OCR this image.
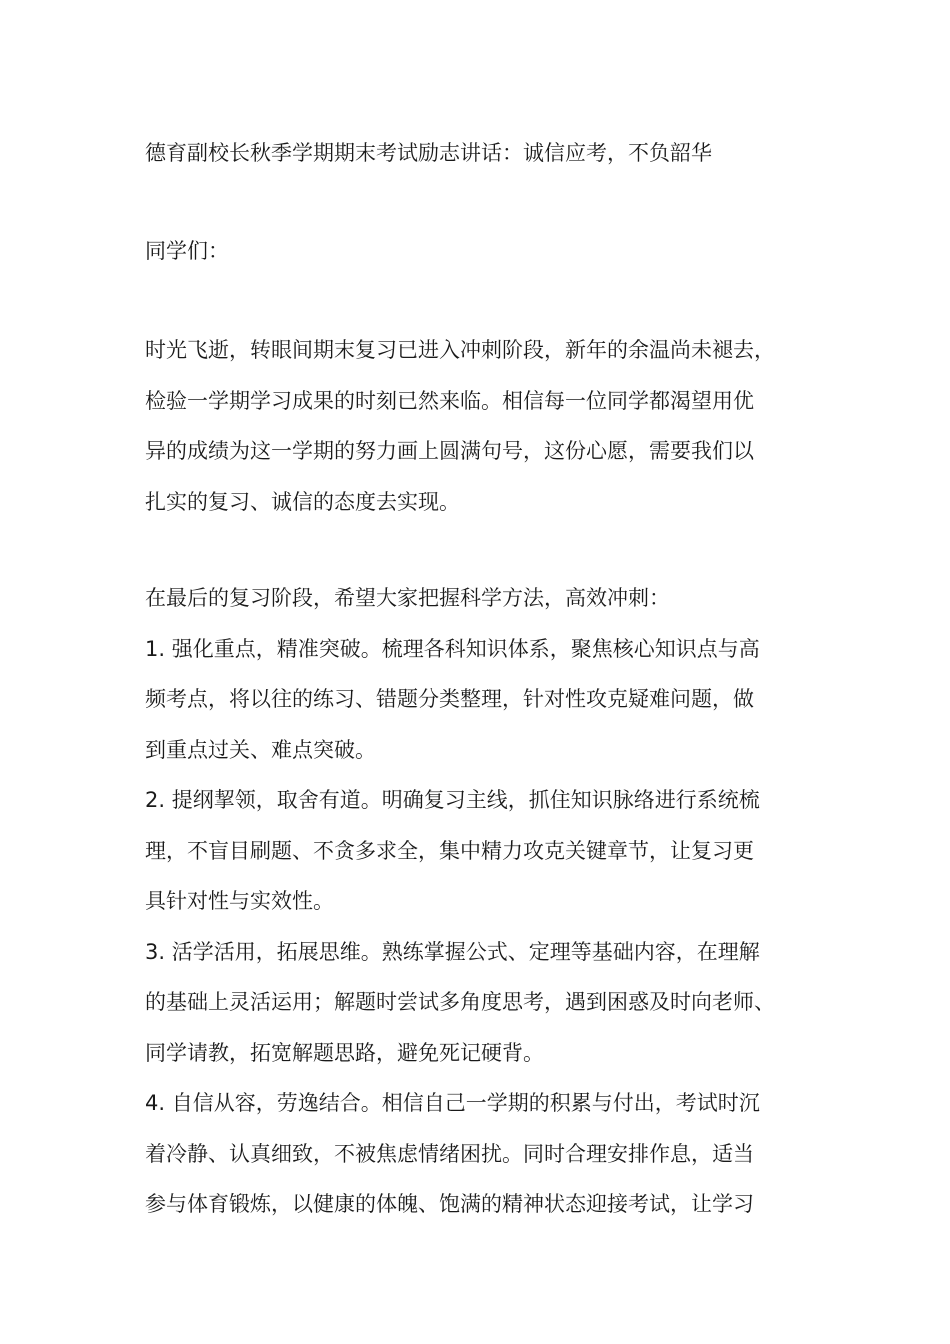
德育副校长秋季学期期末考试励志讲话：诚信应考，不负韶华
同学们：
时光飞逝，转眼间期末复习已进入冲刺阶段，新年的余温尚未褪去，
检验一学期学习成果的时刻已然来临。相信每一位同学都渴望用优
异的成绩为这一学期的努力画上圆满句号，这份心愿，需要我们以
扎实的复习、诚信的态度去实现。
在最后的复习阶段，希望大家把握科学方法，高效冲刺：
1. 强化重点，精准突破。梳理各科知识体系，聚焦核心知识点与高
频考点，将以往的练习、错题分类整理，针对性攻克疑难问题，做
到重点过关、难点突破。
2. 提纲挈领，取舍有道。明确复习主线，抓住知识脉络进行系统梳
理，不盲目刷题、不贪多求全，集中精力攻克关键章节，让复习更
具针对性与实效性。
3. 活学活用，拓展思维。熟练掌握公式、定理等基础内容，在理解
的基础上灵活运用；解题时尝试多角度思考，遇到困惑及时向老师、
同学请教，拓宽解题思路，避免死记硬背。
4. 自信从容，劳逸结合。相信自己一学期的积累与付出，考试时沉
着冷静、认真细致，不被焦虑情绪困扰。同时合理安排作息，适当
参与体育锻炼，以健康的体魄、饱满的精神状态迎接考试，让学习
